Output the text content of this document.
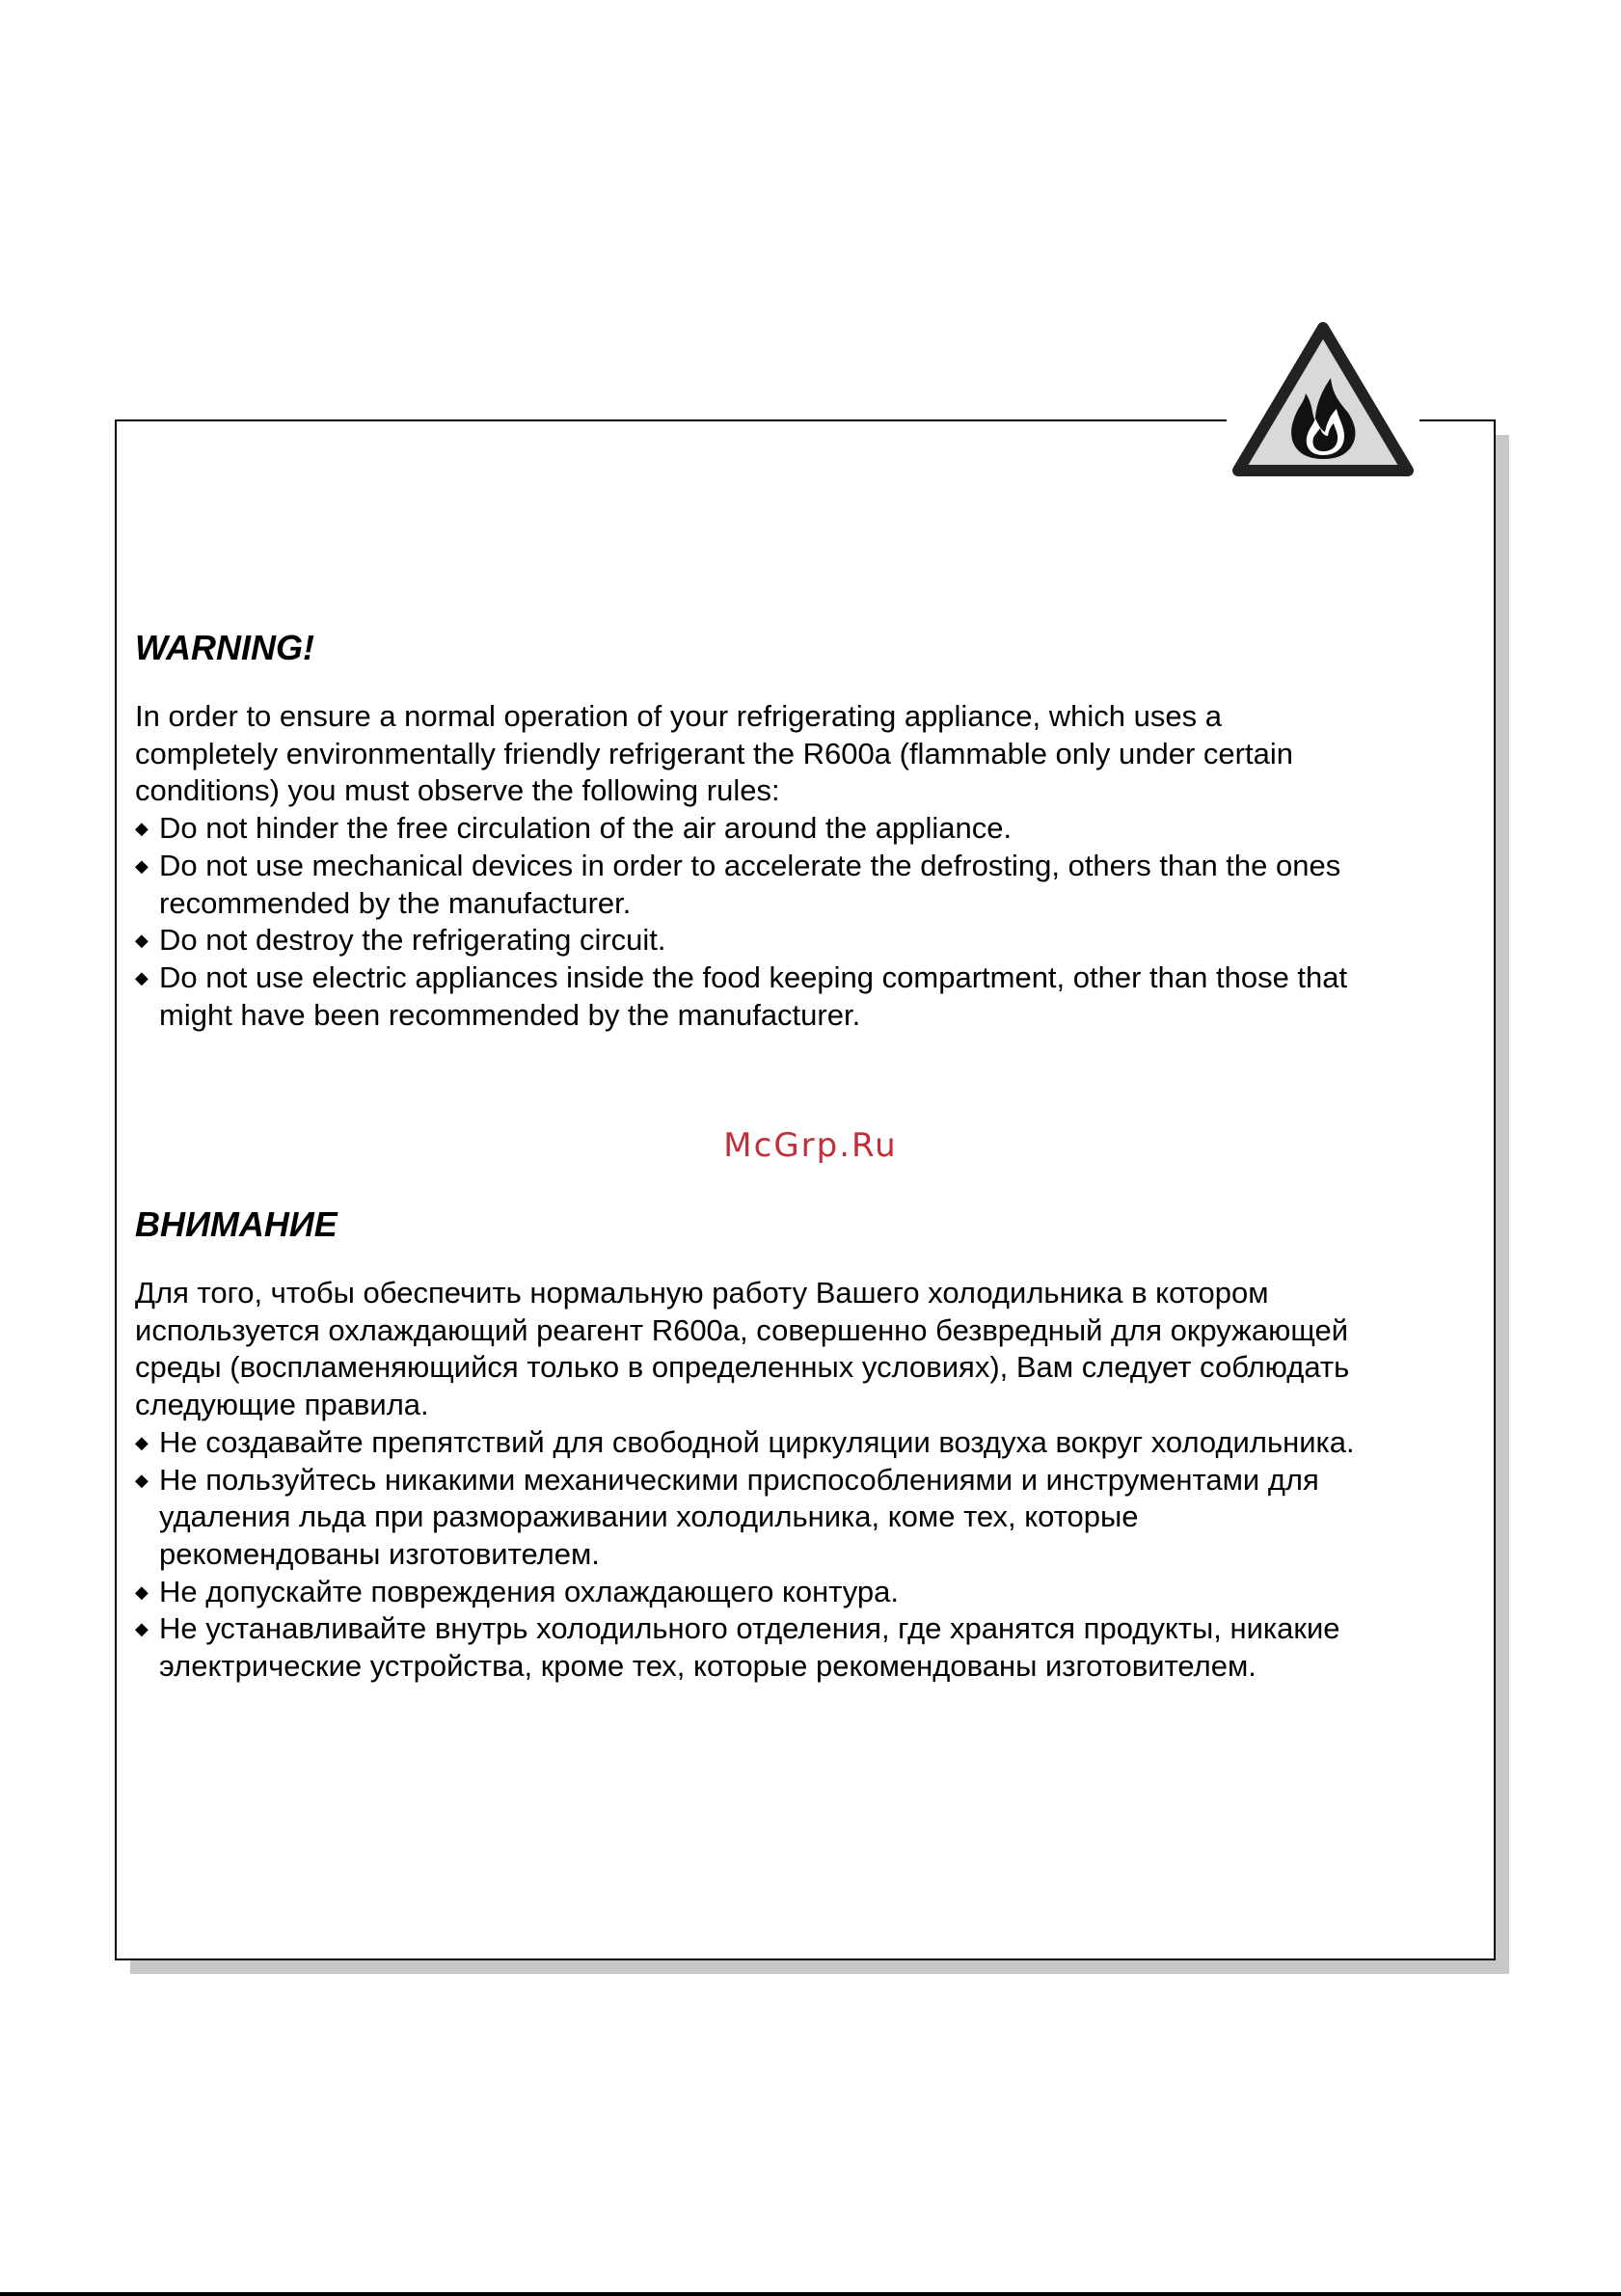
WARNING!

In order to ensure a normal operation of your refrigerating appliance, which uses a
completely environmentally friendly refrigerant the R600a (flammable only under certain
conditions) you must observe the following rules:

◆ Do not hinder the free circulation of the air around the appliance.
◆ Do not use mechanical devices in order to accelerate the defrosting, others than the ones
recommended by the manufacturer.
◆ Do not destroy the refrigerating circuit.
◆ Do not use electric appliances inside the food keeping compartment, other than those that
might have been recommended by the manufacturer.
McGrp.Ru
ВНИМАНИЕ

Для того, чтобы обеспечить нормальную работу Вашего холодильника в котором
используется охлаждающий реагент R600a, совершенно безвредный для окружающей
среды (воспламеняющийся только в определенных условиях), Вам следует соблюдать
следующие правила.

◆ Не создавайте препятствий для свободной циркуляции воздуха вокруг холодильника.
◆ Не пользуйтесь никакими механическими приспособлениями и инструментами для
удаления льда при размораживании холодильника, коме тех, которые
рекомендованы изготовителем.
◆ Не допускайте повреждения охлаждающего контура.
◆ Не устанавливайте внутрь холодильного отделения, где хранятся продукты, никакие
электрические устройства, кроме тех, которые рекомендованы изготовителем.
